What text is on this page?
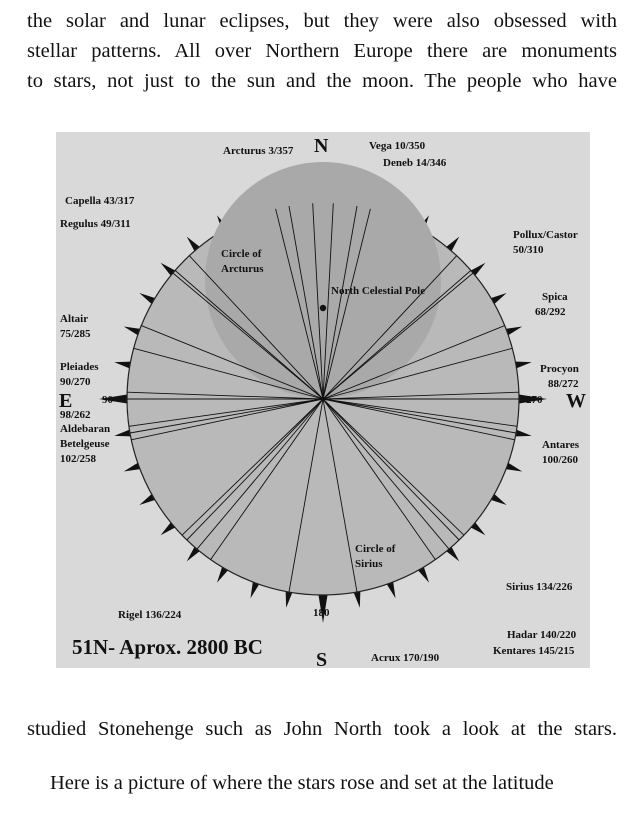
the solar and lunar eclipses, but they were also obsessed with

stellar patterns. All over Northern Europe there are monuments

to stars, not just to the sun and the moon. The people who have

N
S
E	W
90	270
180
Circle of
Arcturus
Circle of
Sirius
North Celestial Pole
Arcturus 3/357	Vega 10/350
Deneb 14/346
Capella 43/317
Regulus 49/311
Pollux/Castor
50/310
Altair
75/285
Spica
68/292
Pleiades
90/270
Procyon
88/272
98/262
Aldebaran
Betelgeuse
102/258
Antares
100/260
Sirius 134/226
Rigel 136/224
Hadar 140/220
Kentares 145/215
Acrux 170/190
51N- Aprox. 2800 BC

studied Stonehenge such as John North took a look at the stars.

Here is a picture of where the stars rose and set at the latitude
